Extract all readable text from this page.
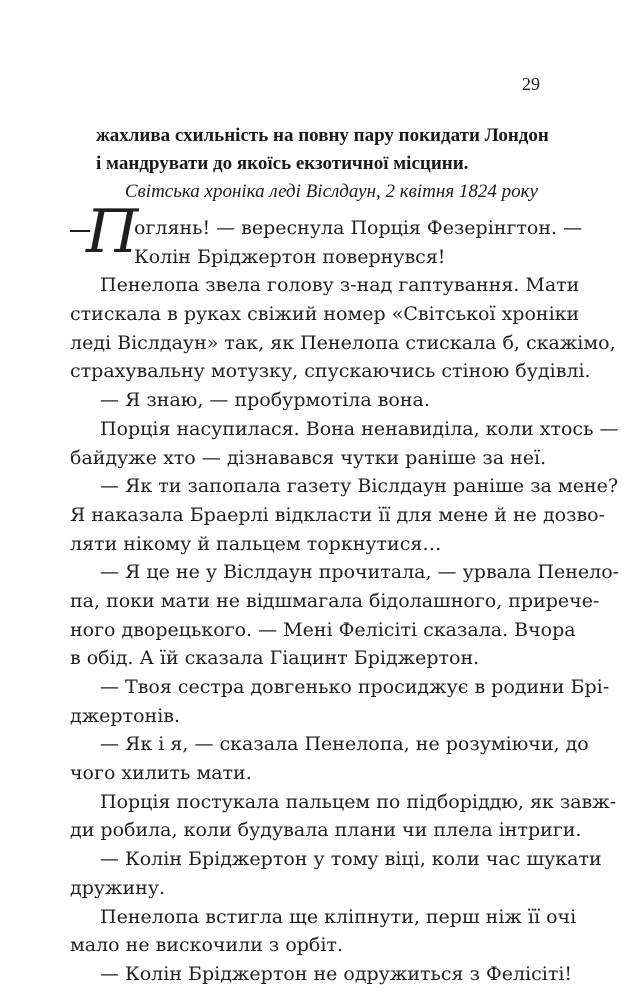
29
жахлива схильність на повну пару покидати Лондон
і мандрувати до якоїсь екзотичної місцини.
Світська хроніка леді Віслдаун, 2 квітня 1824 року
П
оглянь! — вереснула Порція Фезерінгтон. —
Колін Бріджертон повернувся!
Пенелопа звела голову з-над гаптування. Мати
стискала в руках свіжий номер «Світської хроніки
леді Віслдаун» так, як Пенелопа стискала б, скажімо,
страхувальну мотузку, спускаючись стіною будівлі.
— Я знаю, — пробурмотіла вона.
Порція насупилася. Вона ненавиділа, коли хтось —
байдуже хто — дізнавався чутки раніше за неї.
— Як ти запопала газету Віслдаун раніше за мене?
Я наказала Браерлі відкласти її для мене й не дозво-
ляти нікому й пальцем торкнутися…
— Я це не у Віслдаун прочитала, — урвала Пенело-
па, поки мати не відшмагала бідолашного, прирече-
ного дворецького. — Мені Фелісіті сказала. Вчора
в обід. А їй сказала Гіацинт Бріджертон.
— Твоя сестра довгенько просиджує в родини Брі-
джертонів.
— Як і я, — сказала Пенелопа, не розуміючи, до
чого хилить мати.
Порція постукала пальцем по підборіддю, як завж-
ди робила, коли будувала плани чи плела інтриги.
— Колін Бріджертон у тому віці, коли час шукати
дружину.
Пенелопа встигла ще кліпнути, перш ніж її очі
мало не вискочили з орбіт.
— Колін Бріджертон не одружиться з Фелісіті!
